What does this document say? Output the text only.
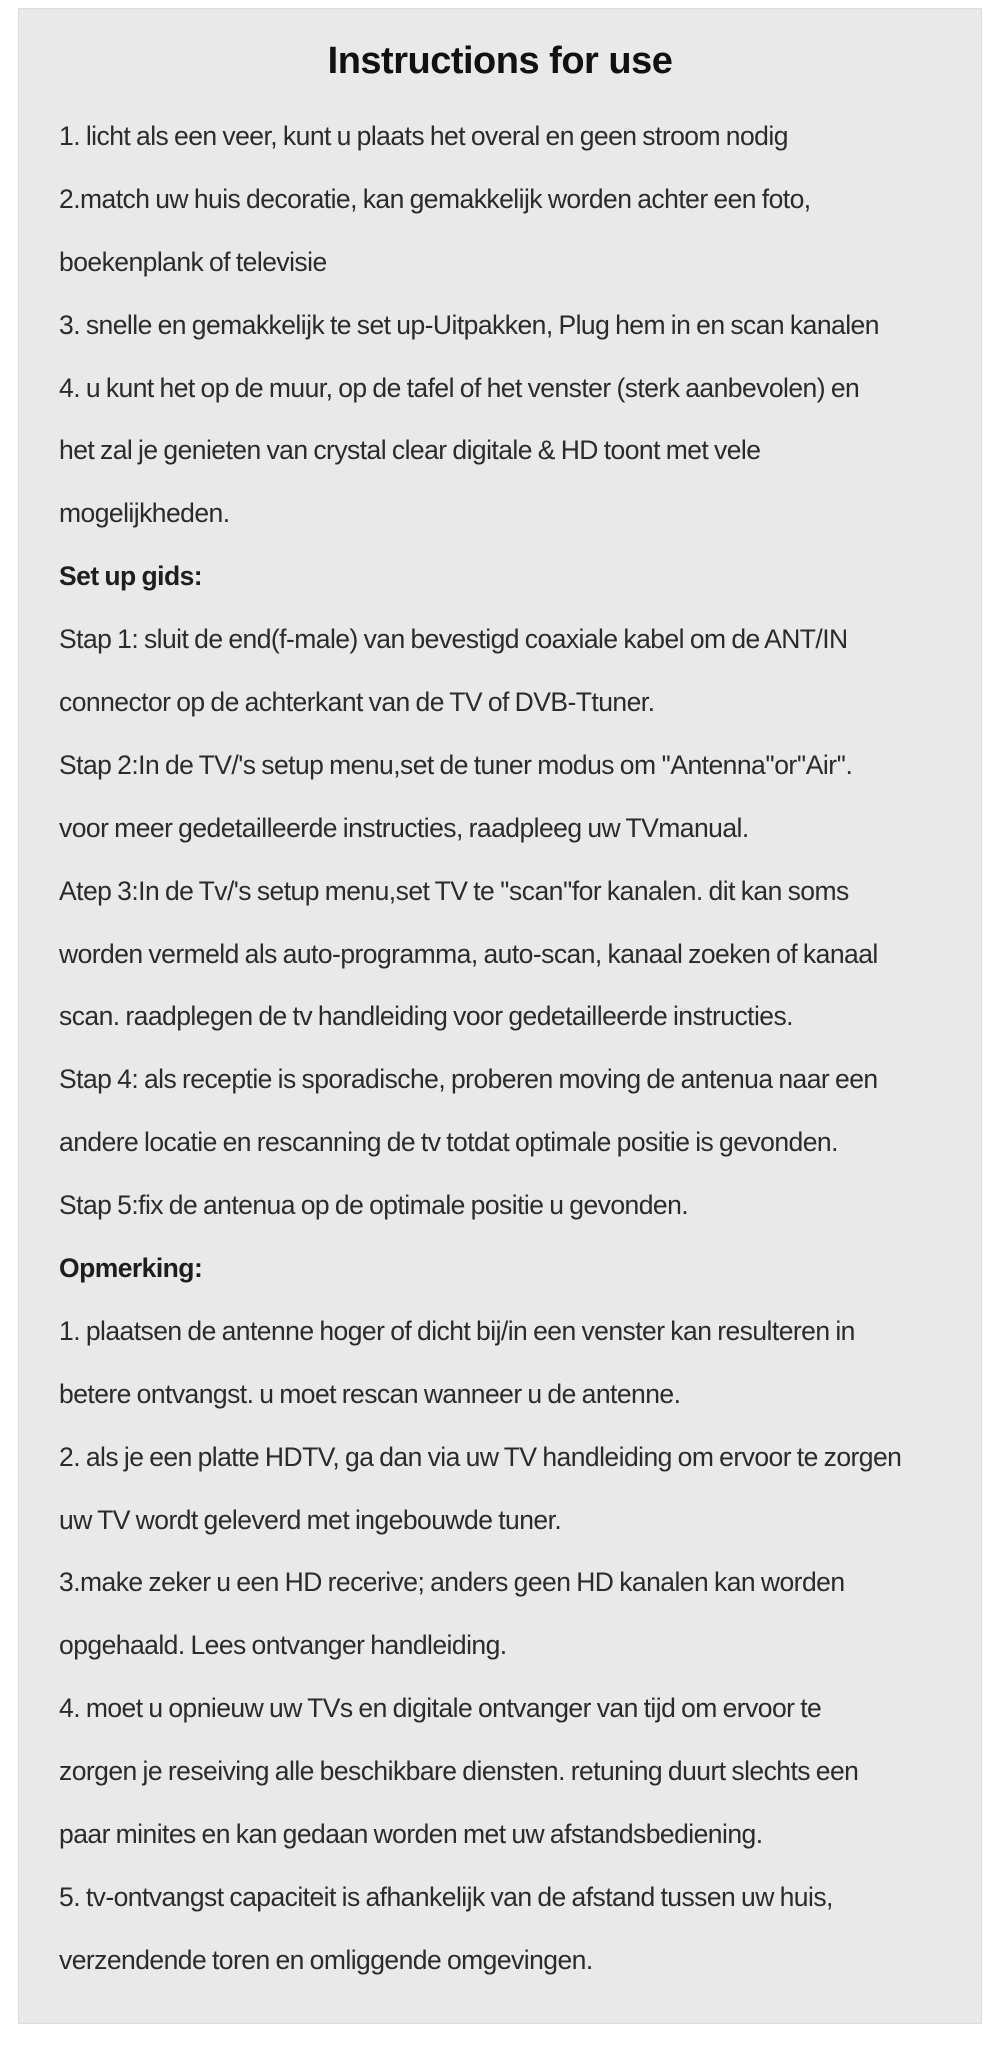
Instructions for use
1. licht als een veer, kunt u plaats het overal en geen stroom nodig
2.match uw huis decoratie, kan gemakkelijk worden achter een foto,
boekenplank of televisie
3. snelle en gemakkelijk te set up-Uitpakken, Plug hem in en scan kanalen
4. u kunt het op de muur, op de tafel of het venster (sterk aanbevolen) en
het zal je genieten van crystal clear digitale & HD toont met vele
mogelijkheden.
Set up gids:
Stap 1: sluit de end(f-male) van bevestigd coaxiale kabel om de ANT/IN
connector op de achterkant van de TV of DVB-Ttuner.
Stap 2:In de TV/'s setup menu,set de tuner modus om ''Antenna''or''Air''.
voor meer gedetailleerde instructies, raadpleeg uw TVmanual.
Atep 3:In de Tv/'s setup menu,set TV te ''scan''for kanalen. dit kan soms
worden vermeld als auto-programma, auto-scan, kanaal zoeken of kanaal
scan. raadplegen de tv handleiding voor gedetailleerde instructies.
Stap 4: als receptie is sporadische, proberen moving de antenua naar een
andere locatie en rescanning de tv totdat optimale positie is gevonden.
Stap 5:fix de antenua op de optimale positie u gevonden.
Opmerking:
1. plaatsen de antenne hoger of dicht bij/in een venster kan resulteren in
betere ontvangst. u moet rescan wanneer u de antenne.
2. als je een platte HDTV, ga dan via uw TV handleiding om ervoor te zorgen
uw TV wordt geleverd met ingebouwde tuner.
3.make zeker u een HD recerive; anders geen HD kanalen kan worden
opgehaald. Lees ontvanger handleiding.
4. moet u opnieuw uw TVs en digitale ontvanger van tijd om ervoor te
zorgen je reseiving alle beschikbare diensten. retuning duurt slechts een
paar minites en kan gedaan worden met uw afstandsbediening.
5. tv-ontvangst capaciteit is afhankelijk van de afstand tussen uw huis,
verzendende toren en omliggende omgevingen.
